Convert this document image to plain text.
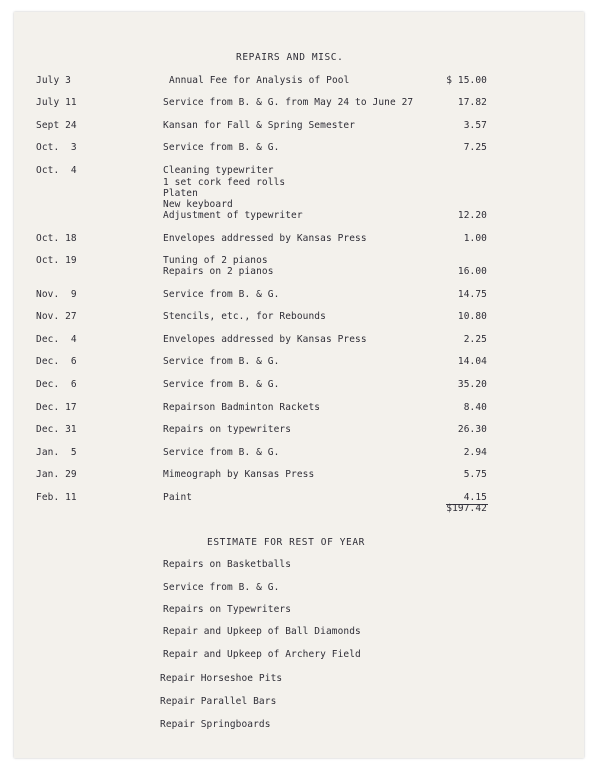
REPAIRS AND MISC.
July 3	Annual Fee for Analysis of Pool	$ 15.00
July 11	Service from B. & G. from May 24 to June 27	17.82
Sept 24	Kansan for Fall & Spring Semester	3.57
Oct.  3	Service from B. & G.	7.25
Oct.  4	Cleaning typewriter
1 set cork feed rolls
Platen
New keyboard
Adjustment of typewriter	12.20
Oct. 18	Envelopes addressed by Kansas Press	1.00
Oct. 19	Tuning of 2 pianos
Repairs on 2 pianos	16.00
Nov.  9	Service from B. & G.	14.75
Nov. 27	Stencils, etc., for Rebounds	10.80
Dec.  4	Envelopes addressed by Kansas Press	2.25
Dec.  6	Service from B. & G.	14.04
Dec.  6	Service from B. & G.	35.20
Dec. 17	Repairson Badminton Rackets	8.40
Dec. 31	Repairs on typewriters	26.30
Jan.  5	Service from B. & G.	2.94
Jan. 29	Mimeograph by Kansas Press	5.75
Feb. 11	Paint	4.15
$197.42
ESTIMATE FOR REST OF YEAR
Repairs on Basketballs
Service from B. & G.
Repairs on Typewriters
Repair and Upkeep of Ball Diamonds
Repair and Upkeep of Archery Field
Repair Horseshoe Pits
Repair Parallel Bars
Repair Springboards
